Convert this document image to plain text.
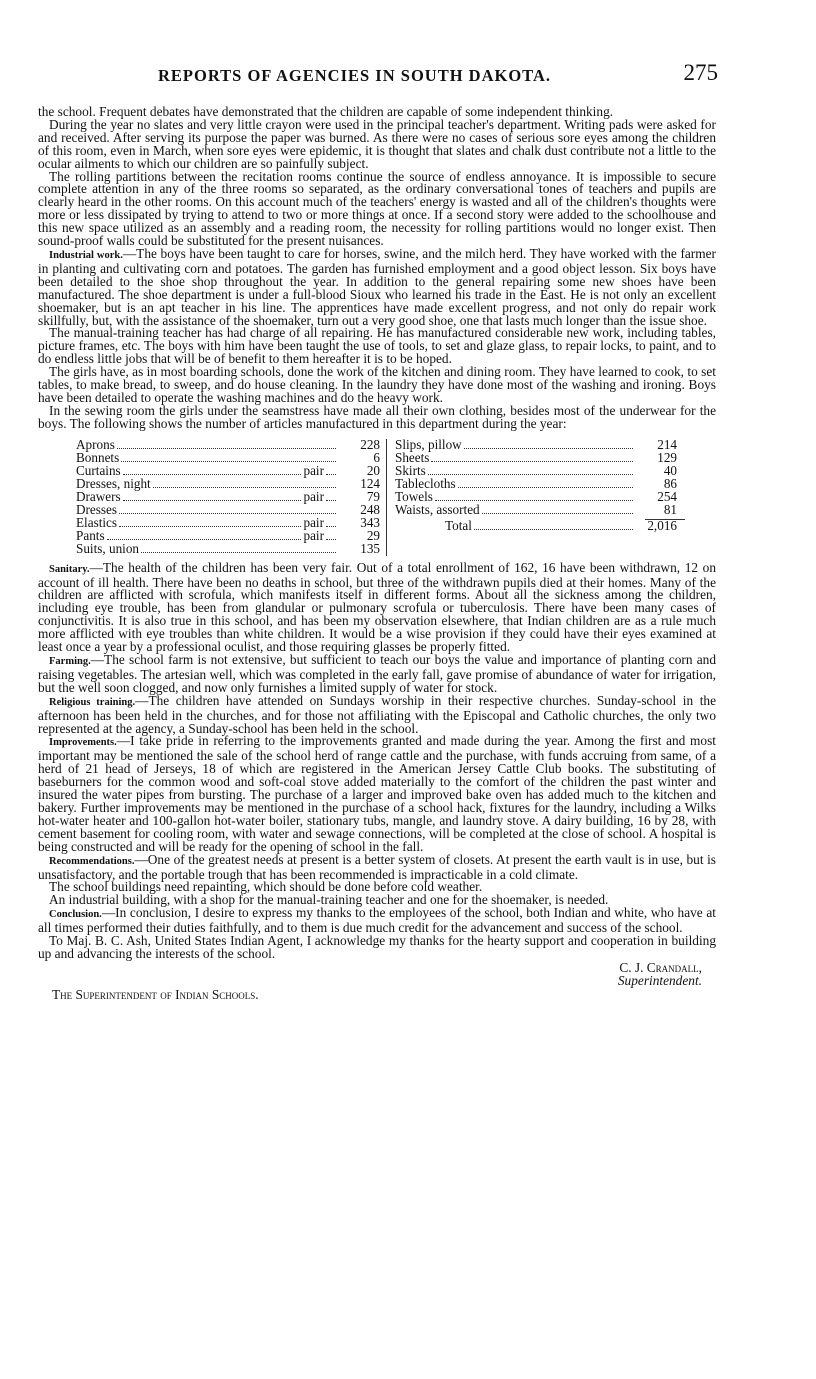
REPORTS OF AGENCIES IN SOUTH DAKOTA.	275

the school. Frequent debates have demonstrated that the children are capable of some independent thinking.

During the year no slates and very little crayon were used in the principal teacher's department. Writing pads were asked for and received. After serving its purpose the paper was burned. As there were no cases of serious sore eyes among the children of this room, even in March, when sore eyes were epidemic, it is thought that slates and chalk dust contribute not a little to the ocular ailments to which our children are so painfully subject.

The rolling partitions between the recitation rooms continue the source of endless annoyance. It is impossible to secure complete attention in any of the three rooms so separated, as the ordinary conversational tones of teachers and pupils are clearly heard in the other rooms. On this account much of the teachers' energy is wasted and all of the children's thoughts were more or less dissipated by trying to attend to two or more things at once. If a second story were added to the schoolhouse and this new space utilized as an assembly and a reading room, the necessity for rolling partitions would no longer exist. Then sound-proof walls could be substituted for the present nuisances.

Industrial work.—The boys have been taught to care for horses, swine, and the milch herd. They have worked with the farmer in planting and cultivating corn and potatoes. The garden has furnished employment and a good object lesson. Six boys have been detailed to the shoe shop throughout the year. In addition to the general repairing some new shoes have been manufactured. The shoe department is under a full-blood Sioux who learned his trade in the East. He is not only an excellent shoemaker, but is an apt teacher in his line. The apprentices have made excellent progress, and not only do repair work skillfully, but, with the assistance of the shoemaker, turn out a very good shoe, one that lasts much longer than the issue shoe.

The manual-training teacher has had charge of all repairing. He has manufactured considerable new work, including tables, picture frames, etc. The boys with him have been taught the use of tools, to set and glaze glass, to repair locks, to paint, and to do endless little jobs that will be of benefit to them hereafter it is to be hoped.

The girls have, as in most boarding schools, done the work of the kitchen and dining room. They have learned to cook, to set tables, to make bread, to sweep, and do house cleaning. In the laundry they have done most of the washing and ironing. Boys have been detailed to operate the washing machines and do the heavy work.

In the sewing room the girls under the seamstress have made all their own clothing, besides most of the underwear for the boys. The following shows the number of articles manufactured in this department during the year:

Aprons	228
Bonnets	6
Curtains	pair	20
Dresses, night	124
Drawers	pair	79
Dresses	248
Elastics	pair	343
Pants	pair	29
Suits, union	135
Slips, pillow	214
Sheets	129
Skirts	40
Tablecloths	86
Towels	254
Waists, assorted	81
Total	2,016

Sanitary.—The health of the children has been very fair. Out of a total enrollment of 162, 16 have been withdrawn, 12 on account of ill health. There have been no deaths in school, but three of the withdrawn pupils died at their homes. Many of the children are afflicted with scrofula, which manifests itself in different forms. About all the sickness among the children, including eye trouble, has been from glandular or pulmonary scrofula or tuberculosis. There have been many cases of conjunctivitis. It is also true in this school, and has been my observation elsewhere, that Indian children are as a rule much more afflicted with eye troubles than white children. It would be a wise provision if they could have their eyes examined at least once a year by a professional oculist, and those requiring glasses be properly fitted.

Farming.—The school farm is not extensive, but sufficient to teach our boys the value and importance of planting corn and raising vegetables. The artesian well, which was completed in the early fall, gave promise of abundance of water for irrigation, but the well soon clogged, and now only furnishes a limited supply of water for stock.

Religious training.—The children have attended on Sundays worship in their respective churches. Sunday-school in the afternoon has been held in the churches, and for those not affiliating with the Episcopal and Catholic churches, the only two represented at the agency, a Sunday-school has been held in the school.

Improvements.—I take pride in referring to the improvements granted and made during the year. Among the first and most important may be mentioned the sale of the school herd of range cattle and the purchase, with funds accruing from same, of a herd of 21 head of Jerseys, 18 of which are registered in the American Jersey Cattle Club books. The substituting of baseburners for the common wood and soft-coal stove added materially to the comfort of the children the past winter and insured the water pipes from bursting. The purchase of a larger and improved bake oven has added much to the kitchen and bakery. Further improvements may be mentioned in the purchase of a school hack, fixtures for the laundry, including a Wilks hot-water heater and 100-gallon hot-water boiler, stationary tubs, mangle, and laundry stove. A dairy building, 16 by 28, with cement basement for cooling room, with water and sewage connections, will be completed at the close of school. A hospital is being constructed and will be ready for the opening of school in the fall.

Recommendations.—One of the greatest needs at present is a better system of closets. At present the earth vault is in use, but is unsatisfactory, and the portable trough that has been recommended is impracticable in a cold climate.

The school buildings need repainting, which should be done before cold weather.

An industrial building, with a shop for the manual-training teacher and one for the shoemaker, is needed.

Conclusion.—In conclusion, I desire to express my thanks to the employees of the school, both Indian and white, who have at all times performed their duties faithfully, and to them is due much credit for the advancement and success of the school.

To Maj. B. C. Ash, United States Indian Agent, I acknowledge my thanks for the hearty support and cooperation in building up and advancing the interests of the school.

C. J. Crandall,
Superintendent.
The Superintendent of Indian Schools.
